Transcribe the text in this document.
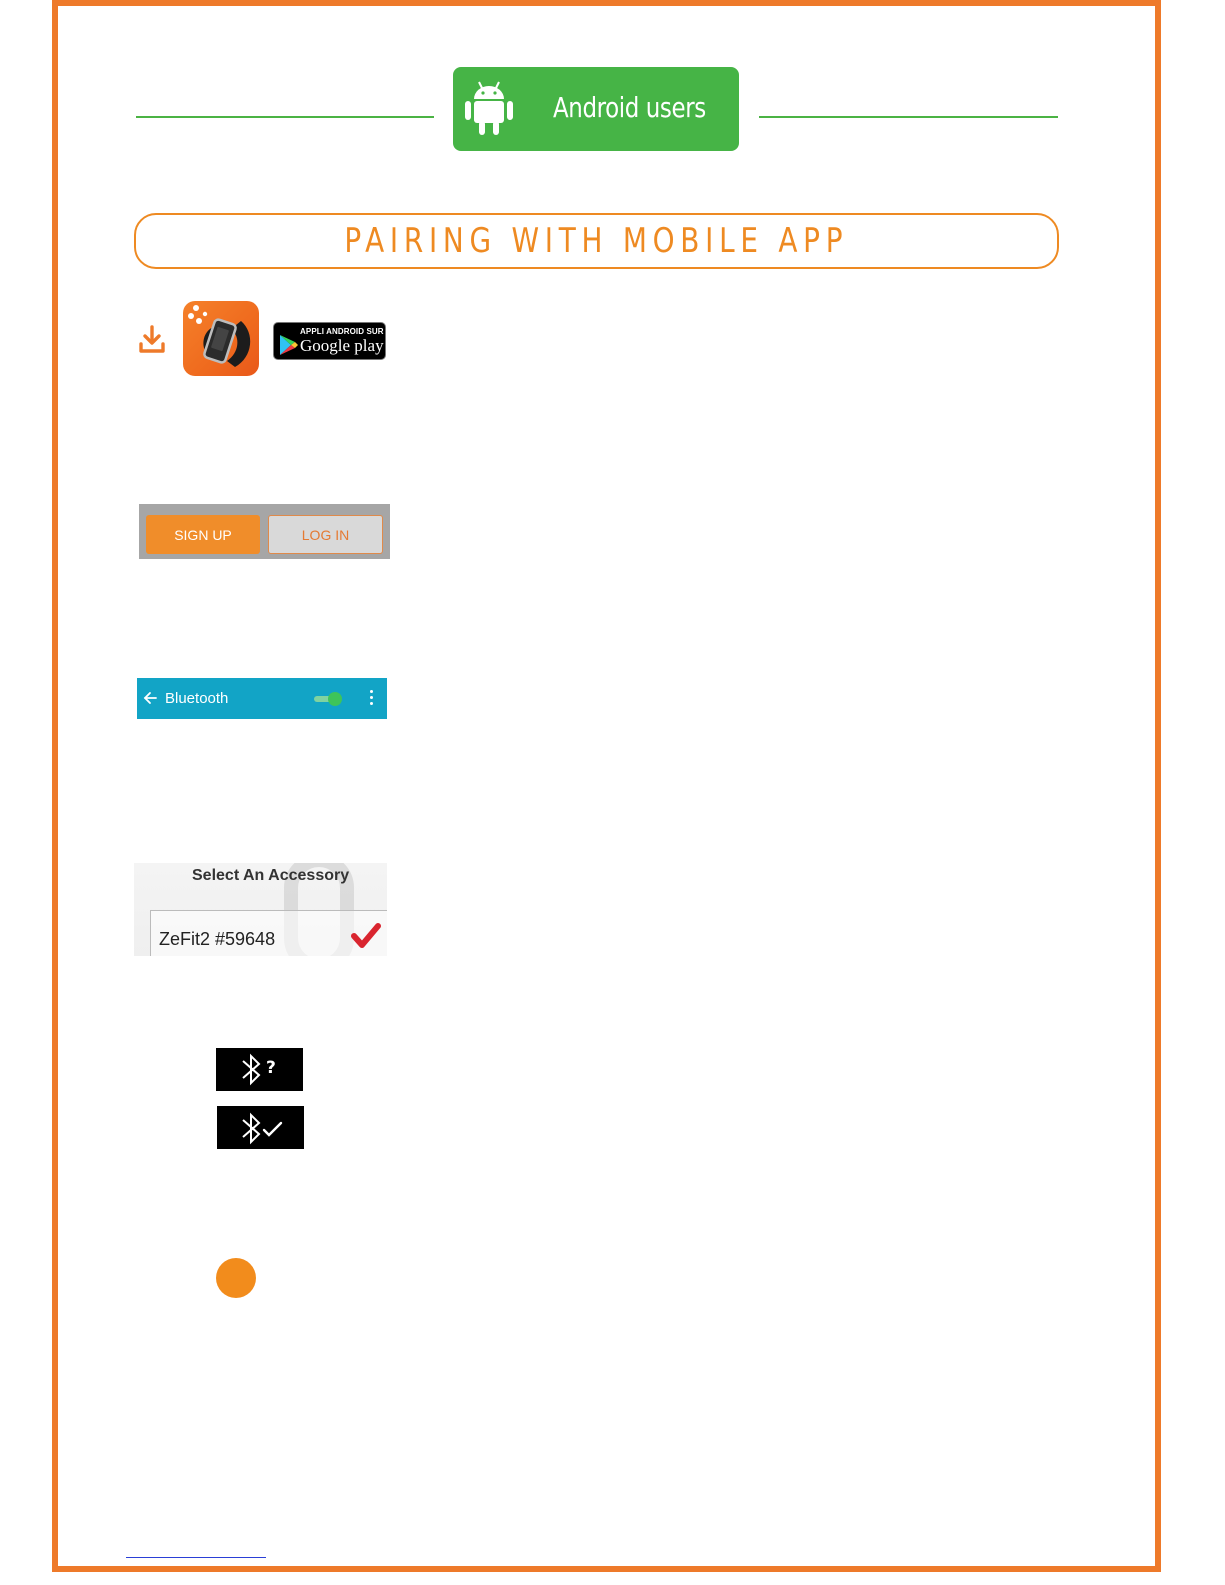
Android users
PAIRING WITH MOBILE APP
APPLI ANDROID SUR
Google play
SIGN UP	LOG IN
Bluetooth
Select An Accessory
ZeFit2 #59648
?
